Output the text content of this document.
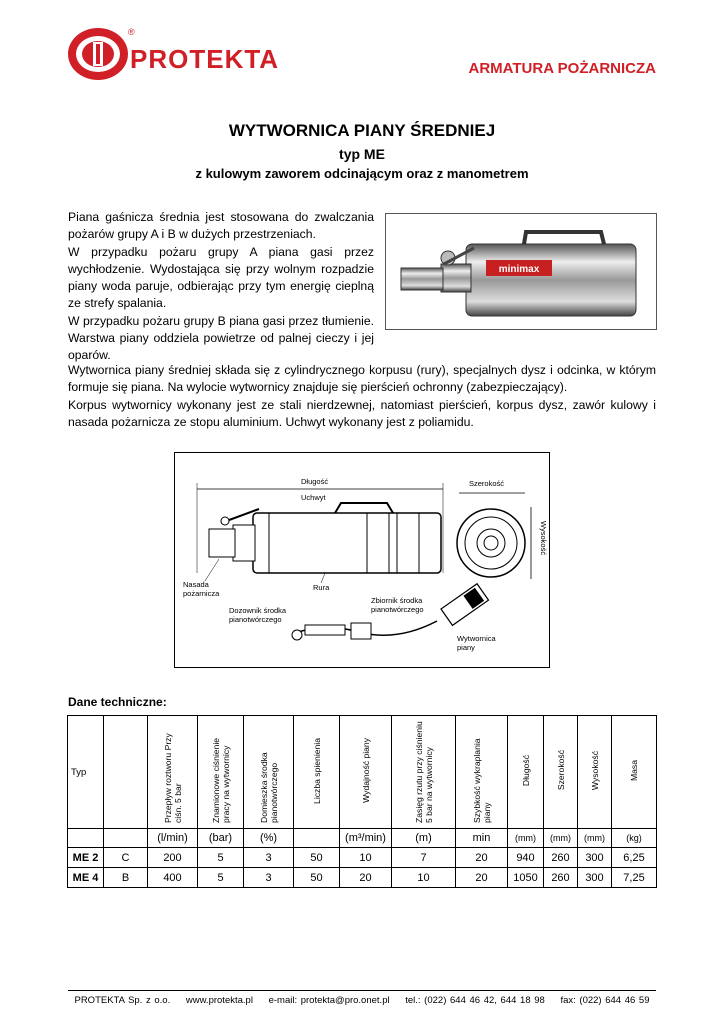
®
PROTEKTA	ARMATURA POŻARNICZA
WYTWORNICA PIANY ŚREDNIEJ
typ ME
z kulowym zaworem odcinającym oraz z manometrem
Piana gaśnicza średnia jest stosowana do zwalczania pożarów grupy A i B w dużych przestrzeniach.
W przypadku pożaru grupy A piana gasi przez wychłodzenie. Wydostająca się przy wolnym rozpadzie piany woda paruje, odbierając przy tym energię cieplną ze strefy spalania.
W przypadku pożaru grupy B piana gasi przez tłumienie. Warstwa piany oddziela powietrze od palnej cieczy i jej oparów.
minimax
Wytwornica piany średniej składa się z cylindrycznego korpusu (rury), specjalnych dysz i odcinka, w którym formuje się piana. Na wylocie wytwornicy znajduje się pierścień ochronny (zabezpieczający).
Korpus wytwornicy wykonany jest ze stali nierdzewnej, natomiast pierścień, korpus dysz, zawór kulowy i nasada pożarnicza ze stopu aluminium. Uchwyt wykonany jest z poliamidu.
Długość
Uchwyt
Nasada
pożarnicza
Rura
Szerokość
Wysokość
Dozownik środka
pianotwórczego
Zbiornik środka
pianotwórczego
Wytwornica
piany
Dane techniczne:
Typ		Przepływ roztworu Przy ciśn. 5 bar	Znamionowe ciśnienie pracy na wytwornicy	Domieszka środka pianotwórczego	Liczba spienienia	Wydajność piany	Zasięg rzutu przy ciśnieniu 5 bar na wytwornicy	Szybkość wykraplania piany	Długość	Szerokość	Wysokość	Masa
		(l/min)	(bar)	(%)		(m³/min)	(m)	min	(mm)	(mm)	(mm)	(kg)
ME 2	C	200	5	3	50	10	7	20	940	260	300	6,25
ME 4	B	400	5	3	50	20	10	20	1050	260	300	7,25
PROTEKTA Sp. z o.o. www.protekta.pl e-mail: protekta@pro.onet.pl tel.: (022) 644 46 42, 644 18 98 fax: (022) 644 46 59
